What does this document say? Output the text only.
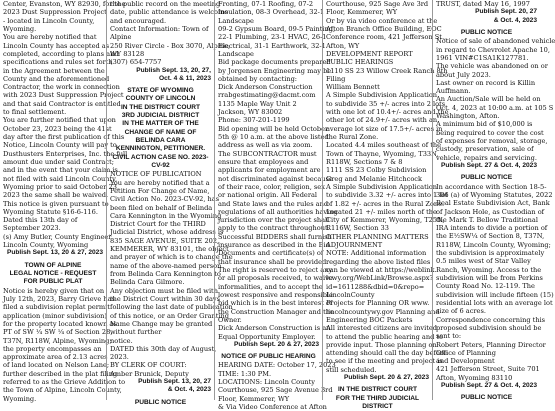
Center, Evanston, WY 82930, for the
2023 Dust Suppression Project
- located in Lincoln County,
Wyoming.
You are hereby notified that
Lincoln County has accepted as
completed, according to plans and
specifications and rules set forth
in the Agreement between the
County and the aforementioned
Contractor, the work in connection
with 2023 Dust Suppression Project
and that said Contractor is entitled
to final settlement.
You are further notified that upon
October 23, 2023 being the 41st
day after the first publication of this
Notice, Lincoln County will pay to
Dusthusters Enterprises, Inc. the full
amount due under said Contract;
and in the event that your claim is
not filed with said Lincoln County,
Wyoming prior to said October 23,
2023 the same shall be waived.
This notice is given pursuant to
Wyoming Statute §16-6-116.
Dated this 13th day of
September 2023.
(s) Amy Butler, County Engineer
Lincoln County, Wyoming
Publish Sept. 13, 20 & 27, 2023
TOWN OF ALPINE
LEGAL NOTICE - REQUEST
FOR PUBLIC PLAT
Notice is hereby given that on
July 12th, 2023, Barry Grieve has
filed a subdivision replat permit
application (minor subdivision)
for the property located known as
PT of SW ¼ SW ¼ of Section 28,
T37N, R118W, Alpine, Wyoming;
the property encompasses an
approximate area of 2.13 acres
of land located on Nelson Lane;
further described in the plat filing
referred to as the Grieve Addition to
the Town of Alpine, Lincoln County,
Wyoming.
the public record on the meeting
date, public attendance is welcome
and encouraged.
Contact Information: Town of
Alpine
250 River Circle - Box 3070, Alpine,
WY 83128
(307) 654-7757
Publish Sept. 13, 20, 27,
Oct. 4 & 11, 2023
STATE OF WYOMING
COUNTY OF LINCOLN
IN THE DISTRICT COURT
3RD JUDICIAL DISTRICT
IN THE MATTER OF THE
CHANGE OF NAME OF
BELINDA CARA
KENNINGTON, PETITIONER.
CIVIL ACTION CASE NO. 2023-
CV-92
NOTICE OF PUBLICATION
You are hereby notified that a
Petition For Change of Name,
Civil Action No. 2023-CV-92, has
been filed on behalf of Belinda
Cara Kennington in the Wyoming
District Court for the THIRD
Judicial District, whose address is
835 SAGE AVENUE, SUITE 202,
KEMMERER, WY 83101, the object
and prayer of which is to change the
name of the above-named person
from Belinda Cara Kennington to
Belinda Cara Gilmore.
Any objection must be filed with
the District Court within 30 days
following the last date of publication
of this notice, or an Order Granting
Name Change may be granted
without further
notice.
DATED this 30th day of August,
2023.
BY CLERK OF COURT:
Amber Brunick, Deputy
Publish Sept. 13, 20, 27
& Oct. 4, 2023
PUBLIC NOTICE
Fronting, 07-1 Roofing, 07-2
Insulation, 08-3 Overhead, 32-1
Landscape
09-2 Gypsum Board, 09-5 Painting,
22-1 Plumbing, 23-1 HVAC, 26-1
Electrical, 31-1 Earthwork, 32-1
Landscape
Bid package documents prepared
by Jorgensen Engineering may be
obtained by contacting:
Dick Anderson Construction
rrabgestimating@dacmt.com
1135 Maple Way Unit 2
Jackson, WY 83002
Phone: 307-201-1199
Bid opening will be held October
5th @ 10 a.m. at the above listed
address as well as via zoom.
The SUBCONTRACTOR must
ensure that employees and
applicants for employment are
not discriminated against because
of their race, color, religion, sex
or national origin. All Federal
and State laws and the rules and
regulations of all authorities having
jurisdiction over the project shall
apply to the contract throughout.
Successful BIDDERS shall furnish
insurance as described in the Bid
Documents and certificate(s) of
that insurance shall be provided.
The right is reserved to reject any
or all proposals received, to waive
informalities, and to accept the
lowest responsive and responsible
bid which is in the best interest of
the Construction Manager and the
Owner.
Dick Anderson Construction is an
Equal Opportunity Employer.
Publish Sept. 20 & 27, 2023
NOTICE OF PUBLIC HEARING
HEARING DATE: October 17, 2023
TIME: 1:30 PM.
LOCATIONS: Lincoln County
Courthouse, 925 Sage Avenue 3rd
Floor, Kemmerer, WY
& Via Video Conference at Afton
Courthouse, 925 Sage Ave 3rd
Floor, Kemmerer, WY
Or by via video conference at the
Afton Branch Office Building, EOC
Conference room, 421 Jefferson St.,
Afton, WY
DEVELOPMENT REPORT
PUBLIC HEARINGS
1110 SS 23 Willow Creek Ranch 8th
Filing
William Bennett
A Simple Subdivision Application
to subdivide 35 +/- acres into 2 lots
with one lot of 10.4+/- acres and the
other lot of 24.9+/- acres with an
average lot size of 17.5+/- acres in
the Rural Zone.
Located 4.4 miles southeast of the
Town of Thayne, Wyoming, T33N,
R118W, Sections 7 & 8
1111 SS 23 Colby Subdivision
Greg and Melanie Hitchcock
A Simple Subdivision Application
to subdivide 3.32 +/- acres into 1 lot
of 1.82 +/- acres in the Rural Zone.
Located 21 +/- miles north of the
City of Kemmerer, Wyoming, T25N,
R116W, Section 33
OTHER PLANNING MATTERS
ADJOURNMENT
NOTE: Additional information
regarding the above listed files
can be viewed at https://weblink.
lcwy.org/WebLink/Browse.aspx?
id=1611288&dbid=0&repo=
LincolnCounty
Projects for Planning OR www.
lincolncountywy.gov Planning and
Engineering BOC Packets
All interested citizens are invited
to attend the public hearing and to
provide input. Those planning on
attending should call the day before
to see if the meeting and project is
still scheduled.
Publish Sept. 20 & 27, 2023
IN THE DISTRICT COURT
FOR THE THIRD JUDICIAL
DISTRICT
TRUST, dated May 16, 1997
Publish Sept. 20, 27
& Oct. 4, 2023
PUBLIC NOTICE
Notice of sale of abandoned vehicle
in regard to Chevrolet Apache 10,
1961 VIN#C1SA1K127781.
The vehicle was abandoned on or
about July 2023.
Last owner on record is Killin
Auffmann.
An Auction/Sale will be held on
Oct. 4, 2023 at 10:00 a.m. at 105 S
Washington, Afton.
A minimum bid of $10,000 is
being required to cover the cost
of expenses for removal, storage,
custody, preservation, sale of
vehicle, repairs and servicing.
Publish Sept. 27 & Oct. 4, 2023
PUBLIC NOTICE
In accordance with Section 18-5-
306 (a) of Wyoming Statutes, 2022
Real Estate Subdivision Act, Bank
of Jackson Hole, as Custodian of
the Mark T. Bellow Traditional
IRA intends to divide a portion of
the E½SW¼ of Section 8, T37N,
R118W, Lincoln County, Wyoming;
the subdivision is approximately
0.5 miles west of Star Valley
Ranch, Wyoming. Access to the
subdivision will be from Perkins
County Road No. 12-119. The
subdivision will include fifteen (15)
residential lots with an average lot
size of 6 acres.
Correspondence concerning this
proposed subdivision should be
sent to:
Robert Peters, Planning Director
Office of Planning
and Development
421 Jefferson Street, Suite 701
Afton, Wyoming 83110
Publish Sept. 27 & Oct. 4, 2023
PUBLIC NOTICE
